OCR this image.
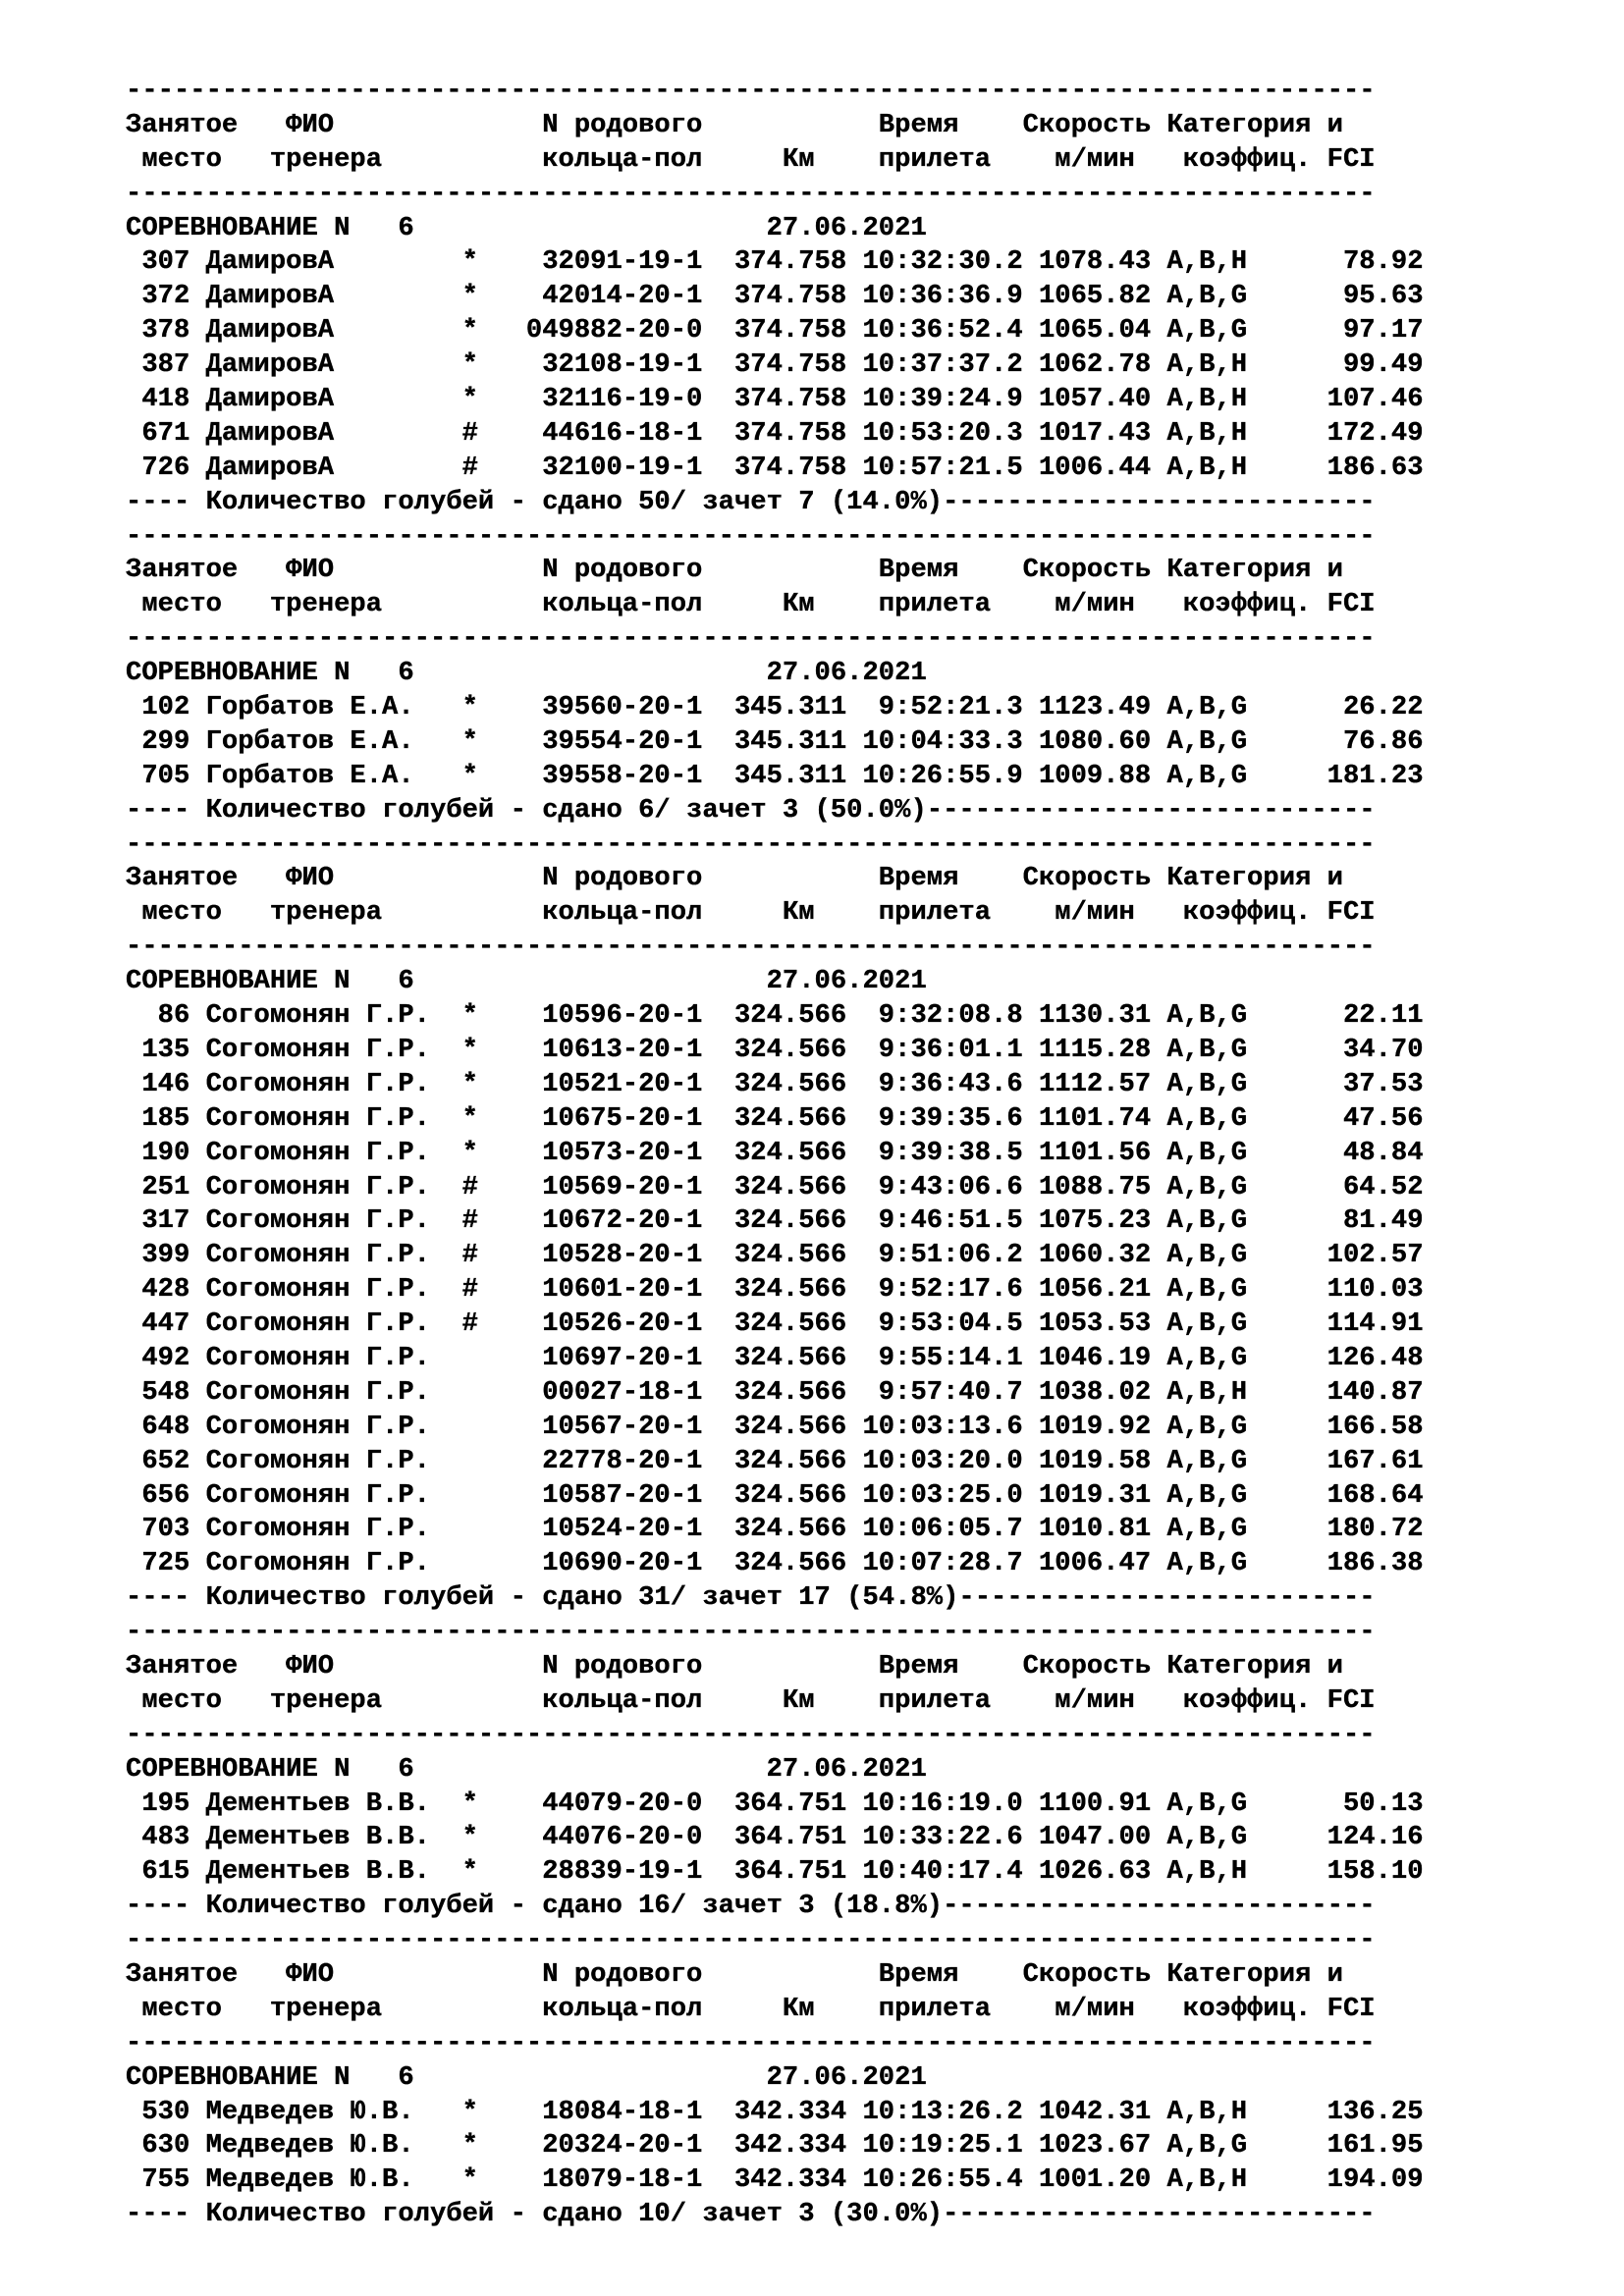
------------------------------------------------------------------------------
Занятое   ФИО             N родового           Время    Скорость Категория и
место   тренера          кольца-пол     Км    прилета    м/мин   коэффиц. FCI
------------------------------------------------------------------------------
СОРЕВНОВАНИЕ N   6                      27.06.2021
307 ДамировА        *    32091-19-1  374.758 10:32:30.2 1078.43 A,B,H      78.92
372 ДамировА        *    42014-20-1  374.758 10:36:36.9 1065.82 A,B,G      95.63
378 ДамировА        *   049882-20-0  374.758 10:36:52.4 1065.04 A,B,G      97.17
387 ДамировА        *    32108-19-1  374.758 10:37:37.2 1062.78 A,B,H      99.49
418 ДамировА        *    32116-19-0  374.758 10:39:24.9 1057.40 A,B,H     107.46
671 ДамировА        #    44616-18-1  374.758 10:53:20.3 1017.43 A,B,H     172.49
726 ДамировА        #    32100-19-1  374.758 10:57:21.5 1006.44 A,B,H     186.63
---- Количество голубей - сдано 50/ зачет 7 (14.0%)---------------------------
------------------------------------------------------------------------------
Занятое   ФИО             N родового           Время    Скорость Категория и
место   тренера          кольца-пол     Км    прилета    м/мин   коэффиц. FCI
------------------------------------------------------------------------------
СОРЕВНОВАНИЕ N   6                      27.06.2021
102 Горбатов Е.А.   *    39560-20-1  345.311  9:52:21.3 1123.49 A,B,G      26.22
299 Горбатов Е.А.   *    39554-20-1  345.311 10:04:33.3 1080.60 A,B,G      76.86
705 Горбатов Е.А.   *    39558-20-1  345.311 10:26:55.9 1009.88 A,B,G     181.23
---- Количество голубей - сдано 6/ зачет 3 (50.0%)----------------------------
------------------------------------------------------------------------------
Занятое   ФИО             N родового           Время    Скорость Категория и
место   тренера          кольца-пол     Км    прилета    м/мин   коэффиц. FCI
------------------------------------------------------------------------------
СОРЕВНОВАНИЕ N   6                      27.06.2021
86 Согомонян Г.Р.  *    10596-20-1  324.566  9:32:08.8 1130.31 A,B,G      22.11
135 Согомонян Г.Р.  *    10613-20-1  324.566  9:36:01.1 1115.28 A,B,G      34.70
146 Согомонян Г.Р.  *    10521-20-1  324.566  9:36:43.6 1112.57 A,B,G      37.53
185 Согомонян Г.Р.  *    10675-20-1  324.566  9:39:35.6 1101.74 A,B,G      47.56
190 Согомонян Г.Р.  *    10573-20-1  324.566  9:39:38.5 1101.56 A,B,G      48.84
251 Согомонян Г.Р.  #    10569-20-1  324.566  9:43:06.6 1088.75 A,B,G      64.52
317 Согомонян Г.Р.  #    10672-20-1  324.566  9:46:51.5 1075.23 A,B,G      81.49
399 Согомонян Г.Р.  #    10528-20-1  324.566  9:51:06.2 1060.32 A,B,G     102.57
428 Согомонян Г.Р.  #    10601-20-1  324.566  9:52:17.6 1056.21 A,B,G     110.03
447 Согомонян Г.Р.  #    10526-20-1  324.566  9:53:04.5 1053.53 A,B,G     114.91
492 Согомонян Г.Р.       10697-20-1  324.566  9:55:14.1 1046.19 A,B,G     126.48
548 Согомонян Г.Р.       00027-18-1  324.566  9:57:40.7 1038.02 A,B,H     140.87
648 Согомонян Г.Р.       10567-20-1  324.566 10:03:13.6 1019.92 A,B,G     166.58
652 Согомонян Г.Р.       22778-20-1  324.566 10:03:20.0 1019.58 A,B,G     167.61
656 Согомонян Г.Р.       10587-20-1  324.566 10:03:25.0 1019.31 A,B,G     168.64
703 Согомонян Г.Р.       10524-20-1  324.566 10:06:05.7 1010.81 A,B,G     180.72
725 Согомонян Г.Р.       10690-20-1  324.566 10:07:28.7 1006.47 A,B,G     186.38
---- Количество голубей - сдано 31/ зачет 17 (54.8%)--------------------------
------------------------------------------------------------------------------
Занятое   ФИО             N родового           Время    Скорость Категория и
место   тренера          кольца-пол     Км    прилета    м/мин   коэффиц. FCI
------------------------------------------------------------------------------
СОРЕВНОВАНИЕ N   6                      27.06.2021
195 Дементьев В.В.  *    44079-20-0  364.751 10:16:19.0 1100.91 A,B,G      50.13
483 Дементьев В.В.  *    44076-20-0  364.751 10:33:22.6 1047.00 A,B,G     124.16
615 Дементьев В.В.  *    28839-19-1  364.751 10:40:17.4 1026.63 A,B,H     158.10
---- Количество голубей - сдано 16/ зачет 3 (18.8%)---------------------------
------------------------------------------------------------------------------
Занятое   ФИО             N родового           Время    Скорость Категория и
место   тренера          кольца-пол     Км    прилета    м/мин   коэффиц. FCI
------------------------------------------------------------------------------
СОРЕВНОВАНИЕ N   6                      27.06.2021
530 Медведев Ю.В.   *    18084-18-1  342.334 10:13:26.2 1042.31 A,B,H     136.25
630 Медведев Ю.В.   *    20324-20-1  342.334 10:19:25.1 1023.67 A,B,G     161.95
755 Медведев Ю.В.   *    18079-18-1  342.334 10:26:55.4 1001.20 A,B,H     194.09
---- Количество голубей - сдано 10/ зачет 3 (30.0%)---------------------------
